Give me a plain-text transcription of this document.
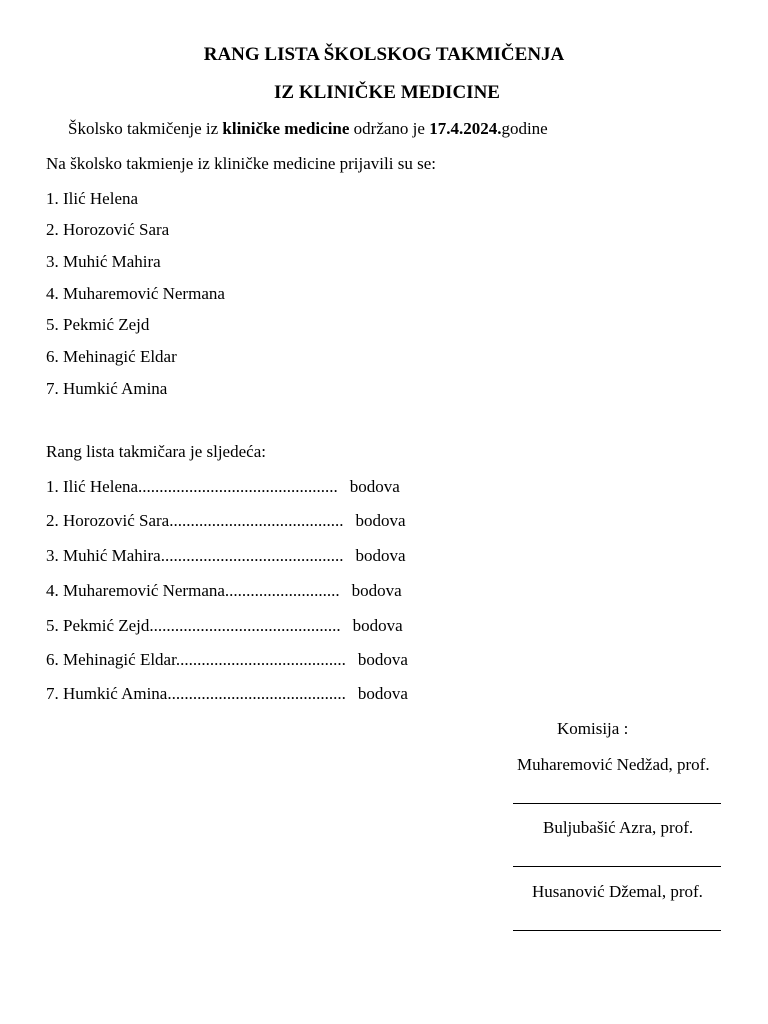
RANG LISTA ŠKOLSKOG TAKMIČENJA
IZ KLINIČKE MEDICINE

Školsko takmičenje iz kliničke medicine održano je 17.4.2024.godine

Na školsko takmienje iz kliničke medicine prijavili su se:

1. Ilić Helena
2. Horozović Sara
3. Muhić Mahira
4. Muharemović Nermana
5. Pekmić Zejd
6. Mehinagić Eldar
7. Humkić Amina

Rang lista takmičara je sljedeća:

1. Ilić Helena............................................... bodova
2. Horozović Sara......................................... bodova
3. Muhić Mahira........................................... bodova
4. Muharemović Nermana........................... bodova
5. Pekmić Zejd............................................. bodova
6. Mehinagić Eldar........................................ bodova
7. Humkić Amina.......................................... bodova
Komisija :
Muharemović Nedžad, prof.
Buljubašić Azra, prof.
Husanović Džemal, prof.
